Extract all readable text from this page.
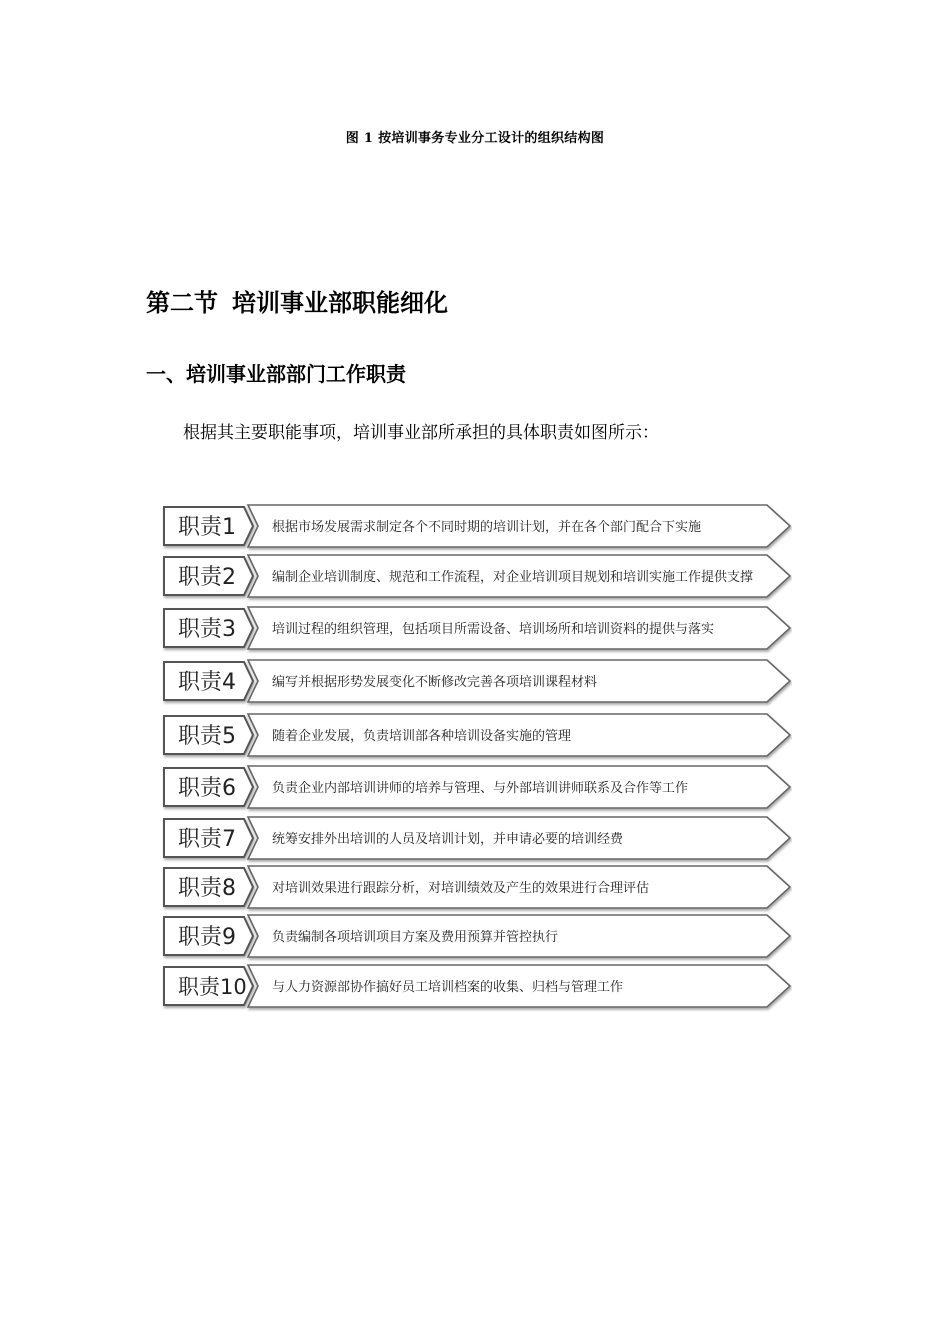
图 1 按培训事务专业分工设计的组织结构图
第二节 培训事业部职能细化
一、培训事业部部门工作职责
根据其主要职能事项，培训事业部所承担的具体职责如图所示：
职责1	根据市场发展需求制定各个不同时期的培训计划，并在各个部门配合下实施
职责2	编制企业培训制度、规范和工作流程，对企业培训项目规划和培训实施工作提供支撑
职责3	培训过程的组织管理，包括项目所需设备、培训场所和培训资料的提供与落实
职责4	编写并根据形势发展变化不断修改完善各项培训课程材料
职责5	随着企业发展，负责培训部各种培训设备实施的管理
职责6	负责企业内部培训讲师的培养与管理、与外部培训讲师联系及合作等工作
职责7	统筹安排外出培训的人员及培训计划，并申请必要的培训经费
职责8	对培训效果进行跟踪分析，对培训绩效及产生的效果进行合理评估
职责9	负责编制各项培训项目方案及费用预算并管控执行
职责10 与人力资源部协作搞好员工培训档案的收集、归档与管理工作
